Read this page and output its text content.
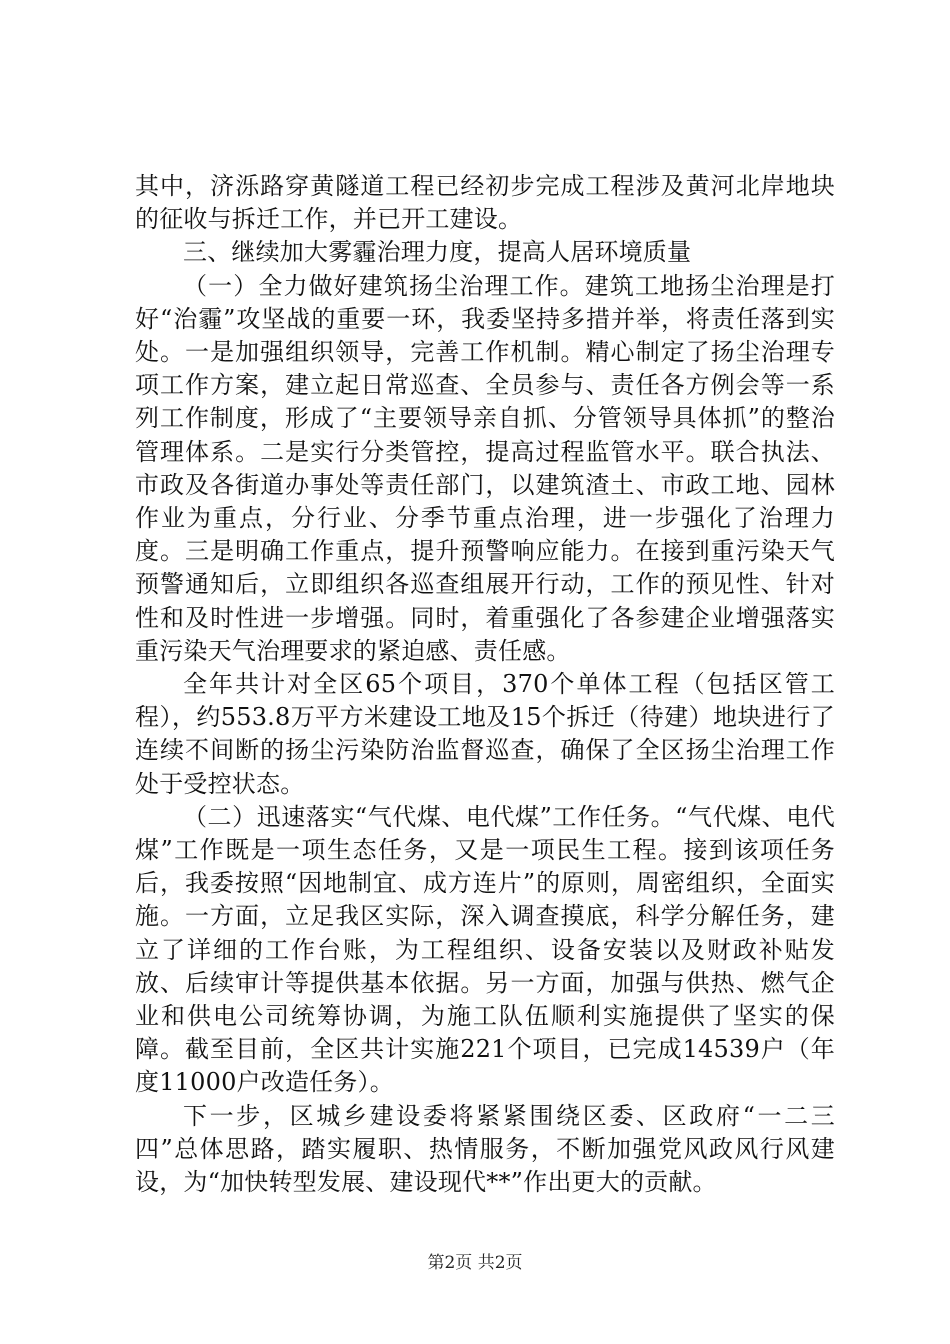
其中，济泺路穿黄隧道工程已经初步完成工程涉及黄河北岸地块的征收与拆迁工作，并已开工建设。

三、继续加大雾霾治理力度，提高人居环境质量

（一）全力做好建筑扬尘治理工作。建筑工地扬尘治理是打好“治霾”攻坚战的重要一环，我委坚持多措并举，将责任落到实处。一是加强组织领导，完善工作机制。精心制定了扬尘治理专项工作方案，建立起日常巡查、全员参与、责任各方例会等一系列工作制度，形成了“主要领导亲自抓、分管领导具体抓”的整治管理体系。二是实行分类管控，提高过程监管水平。联合执法、市政及各街道办事处等责任部门，以建筑渣土、市政工地、园林作业为重点，分行业、分季节重点治理，进一步强化了治理力度。三是明确工作重点，提升预警响应能力。在接到重污染天气预警通知后，立即组织各巡查组展开行动，工作的预见性、针对性和及时性进一步增强。同时，着重强化了各参建企业增强落实重污染天气治理要求的紧迫感、责任感。

全年共计对全区65个项目，370个单体工程（包括区管工程），约553.8万平方米建设工地及15个拆迁（待建）地块进行了连续不间断的扬尘污染防治监督巡查，确保了全区扬尘治理工作处于受控状态。

（二）迅速落实“气代煤、电代煤”工作任务。“气代煤、电代煤”工作既是一项生态任务，又是一项民生工程。接到该项任务后，我委按照“因地制宜、成方连片”的原则，周密组织，全面实施。一方面，立足我区实际，深入调查摸底，科学分解任务，建立了详细的工作台账，为工程组织、设备安装以及财政补贴发放、后续审计等提供基本依据。另一方面，加强与供热、燃气企业和供电公司统筹协调，为施工队伍顺利实施提供了坚实的保障。截至目前，全区共计实施221个项目，已完成14539户（年度11000户改造任务）。

下一步，区城乡建设委将紧紧围绕区委、区政府“一二三四”总体思路，踏实履职、热情服务，不断加强党风政风行风建设，为“加快转型发展、建设现代**”作出更大的贡献。

第2页 共2页
